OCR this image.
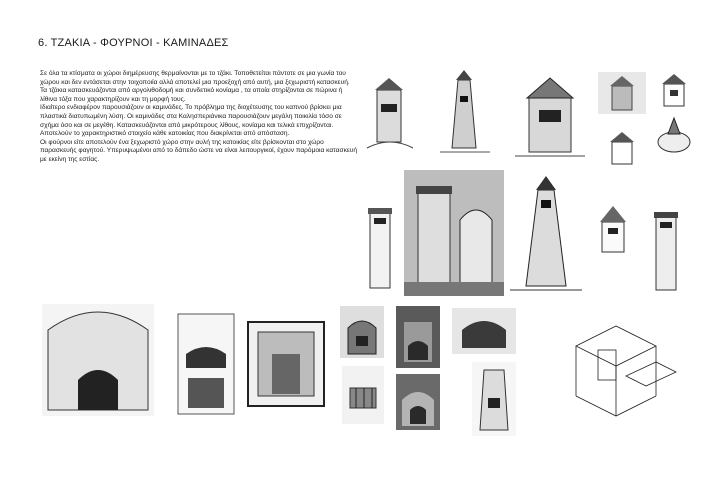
6. ΤΖΑΚΙΑ - ΦΟΥΡΝΟΙ - ΚΑΜΙΝΑΔΕΣ

Σε όλα τα κτίσματα οι χώροι διημέρευσης θερμαίνονται με το τζάκι. Τοποθετείται πάντοτε σε μια γωνία του χώρου και δεν εντάσεται στην τοιχοποιία αλλά αποτελεί μια προεξοχή από αυτή, μια ξεχωριστή κατασκευή. Τα τζάκια κατασκευάζονται από αργολιθοδομή και συνδετικό κονίαμα , τα οποία στηρίζονται σε πώρινα ή λίθινα τόξα που χαρακτηρίζουν και τη μορφή τους.

Ιδιαίτερο ενδιαφέρον παρουσιάζουν οι καμινάδες. Το πρόβλημα της διοχέτευσης του καπνού βρίσκει μια πλαστικά διατυπωμένη λύση. Οι καμινάδες στα Καλησπεριάνικα παρουσιάζουν μεγάλη ποικιλία τόσο σε σχήμα όσο και σε μεγέθη. Κατασκευάζονται από μικρότερους λίθους, κονίαμα και τελικά επιχρίζονται. Αποτελούν το χαρακτηριστικό στοιχείο κάθε κατοικίας που διακρίνεται από απόσταση.

Οι φούρνοι είτε αποτελούν ένα ξεχωριστό χώρο στην αυλή της κατοικίας είτε βρίσκονται στο χώρο παρασκευής φαγητού. Υπερυψωμένοι από το δάπεδο ώστε να είναι λειτουργικοί, έχουν παρόμοια κατασκευή με εκείνη της εστίας.
